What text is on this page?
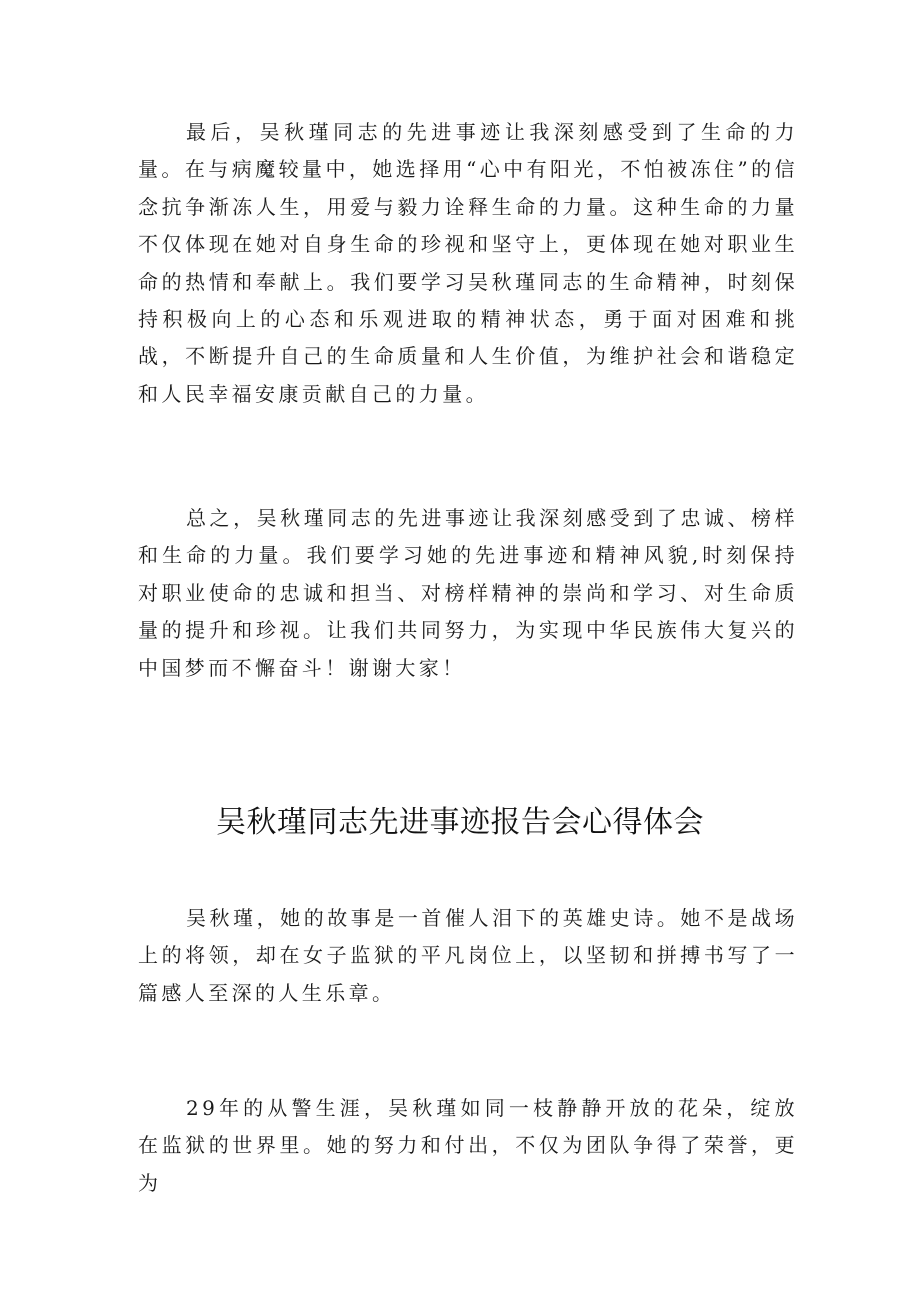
最后，吴秋瑾同志的先进事迹让我深刻感受到了生命的力量。在与病魔较量中，她选择用“心中有阳光，不怕被冻住”的信念抗争渐冻人生，用爱与毅力诠释生命的力量。这种生命的力量不仅体现在她对自身生命的珍视和坚守上，更体现在她对职业生命的热情和奉献上。我们要学习吴秋瑾同志的生命精神，时刻保持积极向上的心态和乐观进取的精神状态，勇于面对困难和挑战，不断提升自己的生命质量和人生价值，为维护社会和谐稳定和人民幸福安康贡献自己的力量。

总之，吴秋瑾同志的先进事迹让我深刻感受到了忠诚、榜样和生命的力量。我们要学习她的先进事迹和精神风貌,时刻保持对职业使命的忠诚和担当、对榜样精神的崇尚和学习、对生命质量的提升和珍视。让我们共同努力，为实现中华民族伟大复兴的中国梦而不懈奋斗！谢谢大家！

吴秋瑾同志先进事迹报告会心得体会

吴秋瑾，她的故事是一首催人泪下的英雄史诗。她不是战场上的将领，却在女子监狱的平凡岗位上，以坚韧和拼搏书写了一篇感人至深的人生乐章。

29年的从警生涯，吴秋瑾如同一枝静静开放的花朵，绽放在监狱的世界里。她的努力和付出，不仅为团队争得了荣誉，更为
